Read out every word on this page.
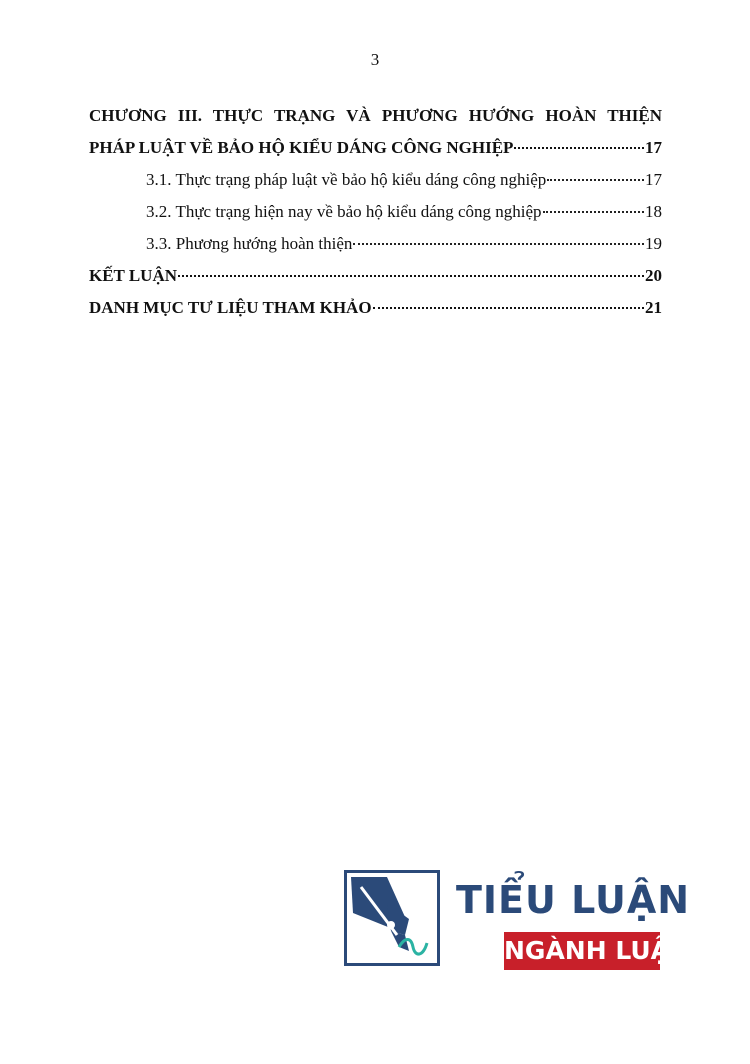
3
CHƯƠNG III. THỰC TRẠNG VÀ PHƯƠNG HƯỚNG HOÀN THIỆN
PHÁP LUẬT VỀ BẢO HỘ KIỂU DÁNG CÔNG NGHIỆP	17
3.1. Thực trạng pháp luật về bảo hộ kiểu dáng công nghiệp	17
3.2. Thực trạng hiện nay về bảo hộ kiểu dáng công nghiệp	18
3.3. Phương hướng hoàn thiện	19
KẾT LUẬN	20
DANH MỤC TƯ LIỆU THAM KHẢO	21
TIỂU LUẬN
NGÀNH LUẬT
